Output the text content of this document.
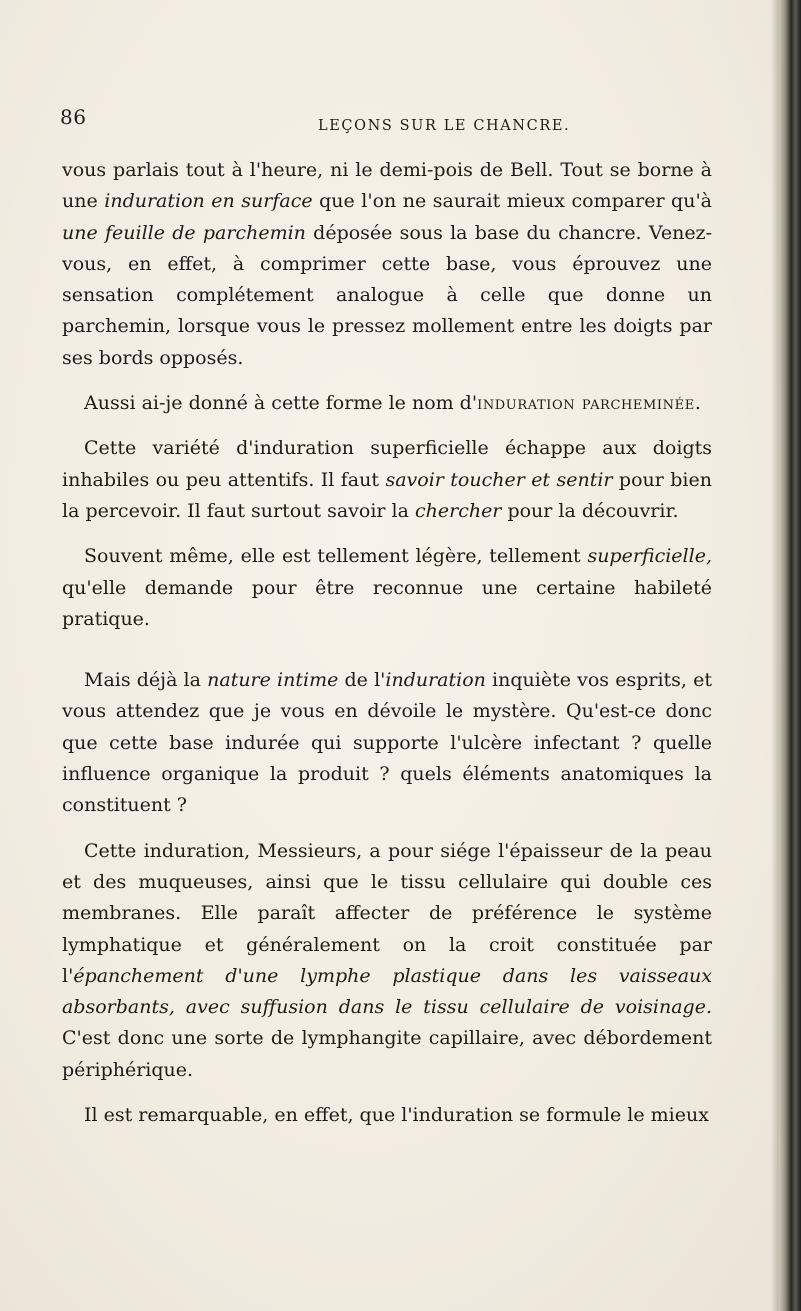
86	LEÇONS SUR LE CHANCRE.

vous parlais tout à l'heure, ni le demi-pois de Bell. Tout se borne à une induration en surface que l'on ne saurait mieux comparer qu'à une feuille de parchemin déposée sous la base du chancre. Venez-vous, en effet, à comprimer cette base, vous éprouvez une sensation complétement analogue à celle que donne un parchemin, lorsque vous le pressez mollement entre les doigts par ses bords opposés.

Aussi ai-je donné à cette forme le nom d'induration parcheminée.

Cette variété d'induration superficielle échappe aux doigts inhabiles ou peu attentifs. Il faut savoir toucher et sentir pour bien la percevoir. Il faut surtout savoir la chercher pour la découvrir.

Souvent même, elle est tellement légère, tellement superficielle, qu'elle demande pour être reconnue une certaine habileté pratique.

Mais déjà la nature intime de l'induration inquiète vos esprits, et vous attendez que je vous en dévoile le mystère. Qu'est-ce donc que cette base indurée qui supporte l'ulcère infectant ? quelle influence organique la produit ? quels éléments anatomiques la constituent ?

Cette induration, Messieurs, a pour siége l'épaisseur de la peau et des muqueuses, ainsi que le tissu cellulaire qui double ces membranes. Elle paraît affecter de préférence le système lymphatique et généralement on la croit constituée par l'épanchement d'une lymphe plastique dans les vaisseaux absorbants, avec suffusion dans le tissu cellulaire de voisinage. C'est donc une sorte de lymphangite capillaire, avec débordement périphérique.

Il est remarquable, en effet, que l'induration se formule le mieux
